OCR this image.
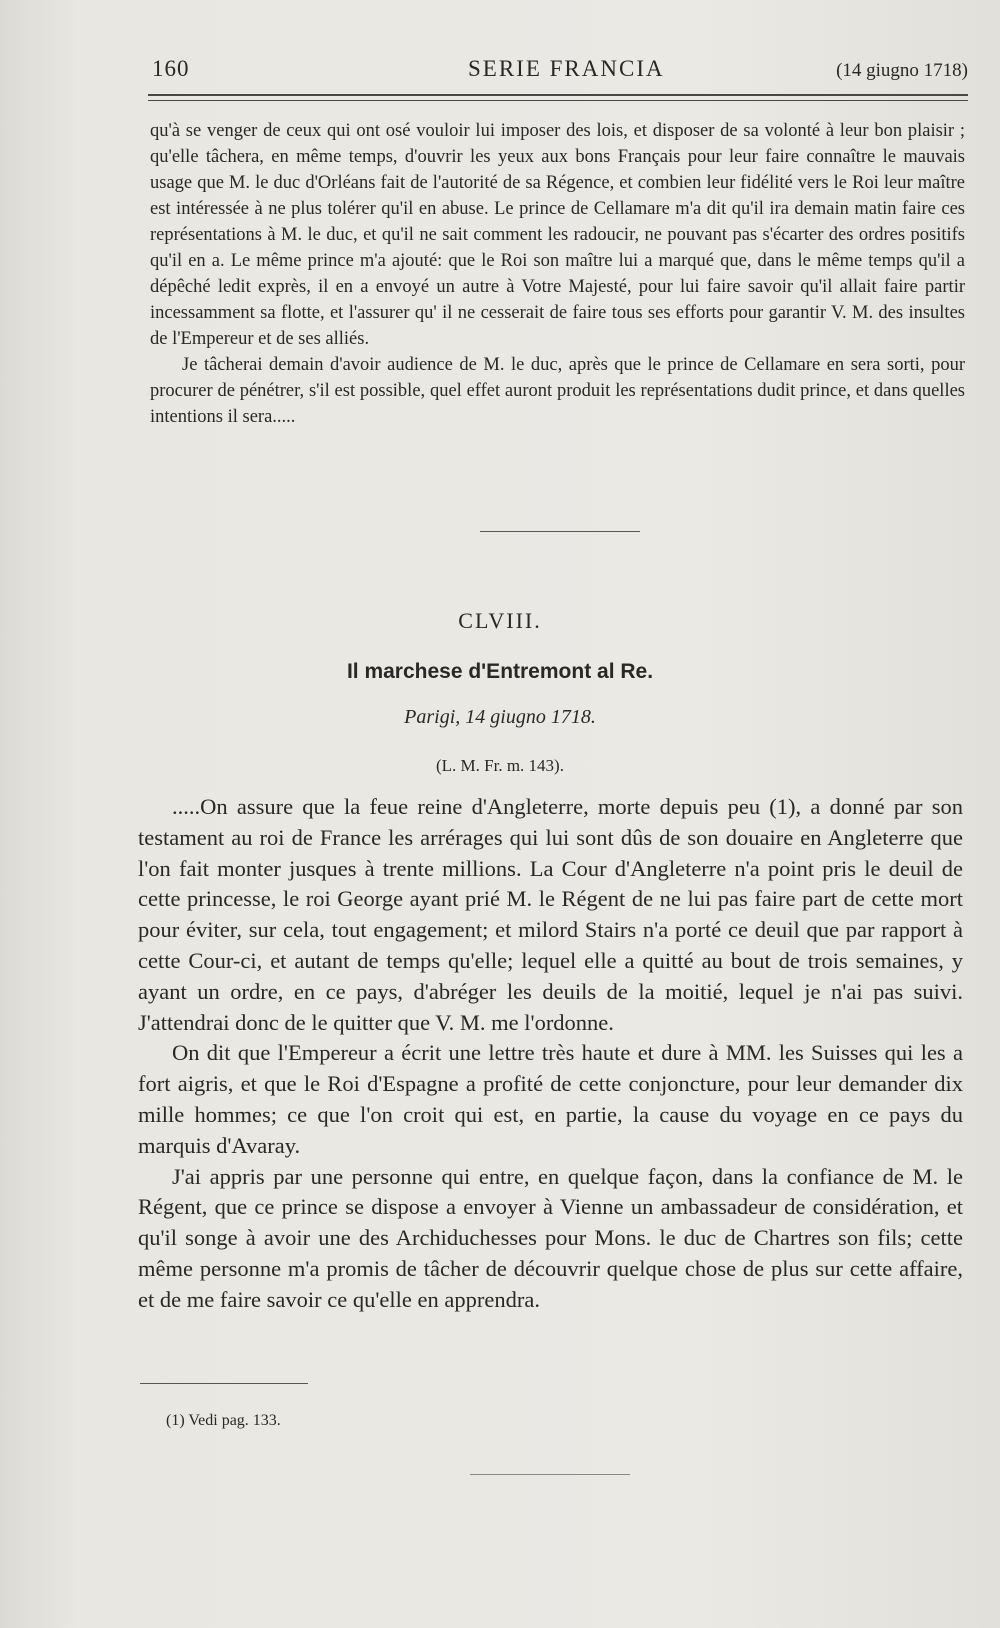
160	SERIE FRANCIA	(14 giugno 1718)

qu'à se venger de ceux qui ont osé vouloir lui imposer des lois, et disposer de sa volonté à leur bon plaisir ; qu'elle tâchera, en même temps, d'ouvrir les yeux aux bons Français pour leur faire connaître le mauvais usage que M. le duc d'Orléans fait de l'autorité de sa Régence, et combien leur fidélité vers le Roi leur maître est intéressée à ne plus tolérer qu'il en abuse. Le prince de Cellamare m'a dit qu'il ira demain matin faire ces représentations à M. le duc, et qu'il ne sait comment les radoucir, ne pouvant pas s'écarter des ordres positifs qu'il en a. Le même prince m'a ajouté: que le Roi son maître lui a marqué que, dans le même temps qu'il a dépêché ledit exprès, il en a envoyé un autre à Votre Majesté, pour lui faire savoir qu'il allait faire partir incessamment sa flotte, et l'assurer qu' il ne cesserait de faire tous ses efforts pour garantir V. M. des insultes de l'Empereur et de ses alliés.

Je tâcherai demain d'avoir audience de M. le duc, après que le prince de Cellamare en sera sorti, pour procurer de pénétrer, s'il est possible, quel effet auront produit les représentations dudit prince, et dans quelles intentions il sera.....

CLVIII.
Il marchese d'Entremont al Re.
Parigi, 14 giugno 1718.
(L. M. Fr. m. 143).

.....On assure que la feue reine d'Angleterre, morte depuis peu (1), a donné par son testament au roi de France les arrérages qui lui sont dûs de son douaire en Angleterre que l'on fait monter jusques à trente millions. La Cour d'Angleterre n'a point pris le deuil de cette princesse, le roi George ayant prié M. le Régent de ne lui pas faire part de cette mort pour éviter, sur cela, tout engagement; et milord Stairs n'a porté ce deuil que par rapport à cette Cour-ci, et autant de temps qu'elle; lequel elle a quitté au bout de trois semaines, y ayant un ordre, en ce pays, d'abréger les deuils de la moitié, lequel je n'ai pas suivi. J'attendrai donc de le quitter que V. M. me l'ordonne.

On dit que l'Empereur a écrit une lettre très haute et dure à MM. les Suisses qui les a fort aigris, et que le Roi d'Espagne a profité de cette conjoncture, pour leur demander dix mille hommes; ce que l'on croit qui est, en partie, la cause du voyage en ce pays du marquis d'Avaray.

J'ai appris par une personne qui entre, en quelque façon, dans la confiance de M. le Régent, que ce prince se dispose a envoyer à Vienne un ambassadeur de considération, et qu'il songe à avoir une des Archiduchesses pour Mons. le duc de Chartres son fils; cette même personne m'a promis de tâcher de découvrir quelque chose de plus sur cette affaire, et de me faire savoir ce qu'elle en apprendra.

(1) Vedi pag. 133.
